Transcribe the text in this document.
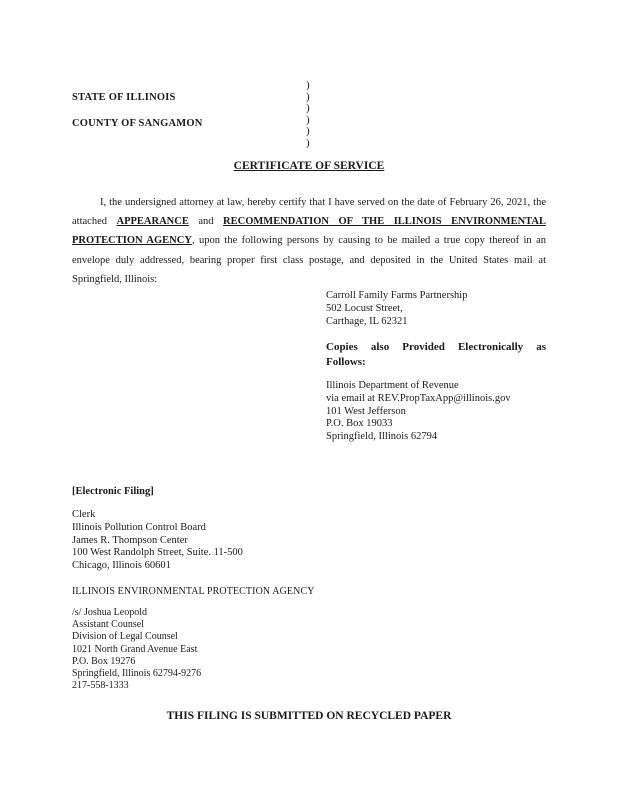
STATE OF ILLINOIS
COUNTY OF SANGAMON
)
)
)
)
)
)
CERTIFICATE OF SERVICE
I, the undersigned attorney at law, hereby certify that I have served on the date of February 26, 2021, the attached APPEARANCE and RECOMMENDATION OF THE ILLINOIS ENVIRONMENTAL PROTECTION AGENCY, upon the following persons by causing to be mailed a true copy thereof in an envelope duly addressed, bearing proper first class postage, and deposited in the United States mail at Springfield, Illinois:
Carroll Family Farms Partnership
502 Locust Street,
Carthage, IL 62321
Copies also Provided Electronically as Follows:
Illinois Department of Revenue
via email at REV.PropTaxApp@illinois.gov
101 West Jefferson
P.O. Box 19033
Springfield, Illinois 62794
[Electronic Filing]
Clerk
Illinois Pollution Control Board
James R. Thompson Center
100 West Randolph Street, Suite. 11-500
Chicago, Illinois 60601
ILLINOIS ENVIRONMENTAL PROTECTION AGENCY
/s/ Joshua Leopold
Assistant Counsel
Division of Legal Counsel
1021 North Grand Avenue East
P.O. Box 19276
Springfield, Illinois 62794-9276
217-558-1333
THIS FILING IS SUBMITTED ON RECYCLED PAPER
